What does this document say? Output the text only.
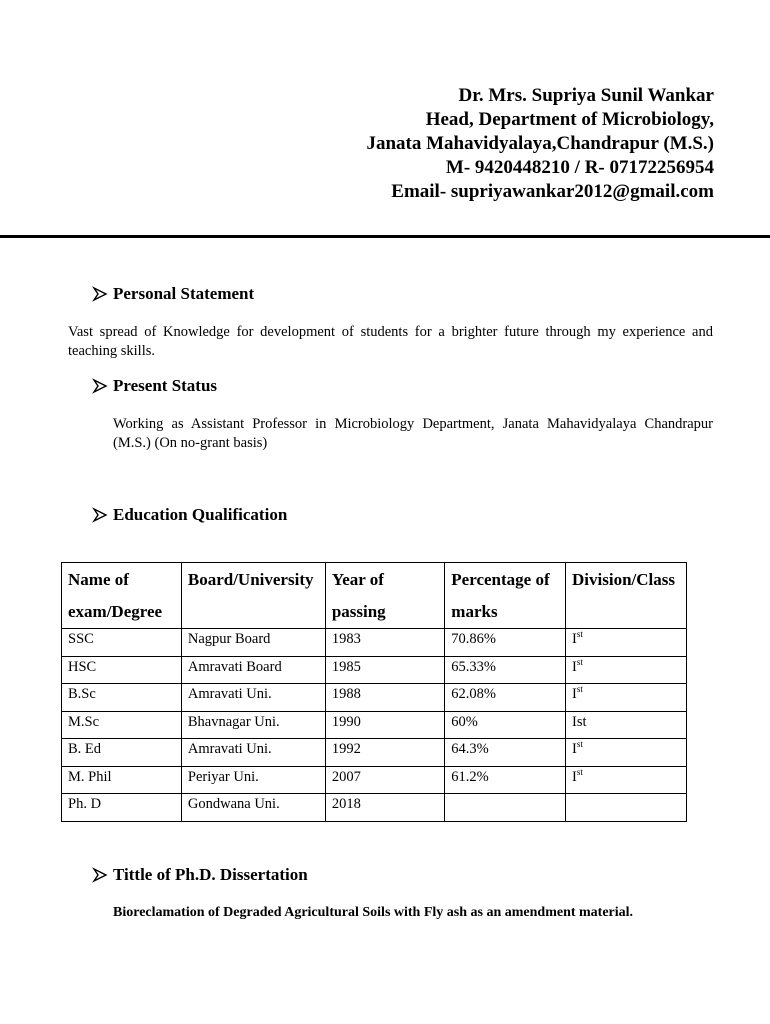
Dr. Mrs. Supriya Sunil Wankar
Head, Department of Microbiology,
Janata Mahavidyalaya,Chandrapur (M.S.)
M- 9420448210 / R- 07172256954
Email- supriyawankar2012@gmail.com
Personal Statement
Vast spread of Knowledge for development of students for a brighter future through my experience and teaching skills.
Present Status
Working as Assistant Professor in Microbiology Department, Janata Mahavidyalaya Chandrapur (M.S.) (On no-grant basis)
Education Qualification
Name of exam/Degree	Board/University	Year of passing	Percentage of marks	Division/Class
SSC	Nagpur Board	1983	70.86%	Ist
HSC	Amravati Board	1985	65.33%	Ist
B.Sc	Amravati Uni.	1988	62.08%	Ist
M.Sc	Bhavnagar Uni.	1990	60%	Ist
B. Ed	Amravati Uni.	1992	64.3%	Ist
M. Phil	Periyar Uni.	2007	61.2%	Ist
Ph. D	Gondwana Uni.	2018		
Tittle of Ph.D. Dissertation
Bioreclamation of Degraded Agricultural Soils with Fly ash as an amendment material.
